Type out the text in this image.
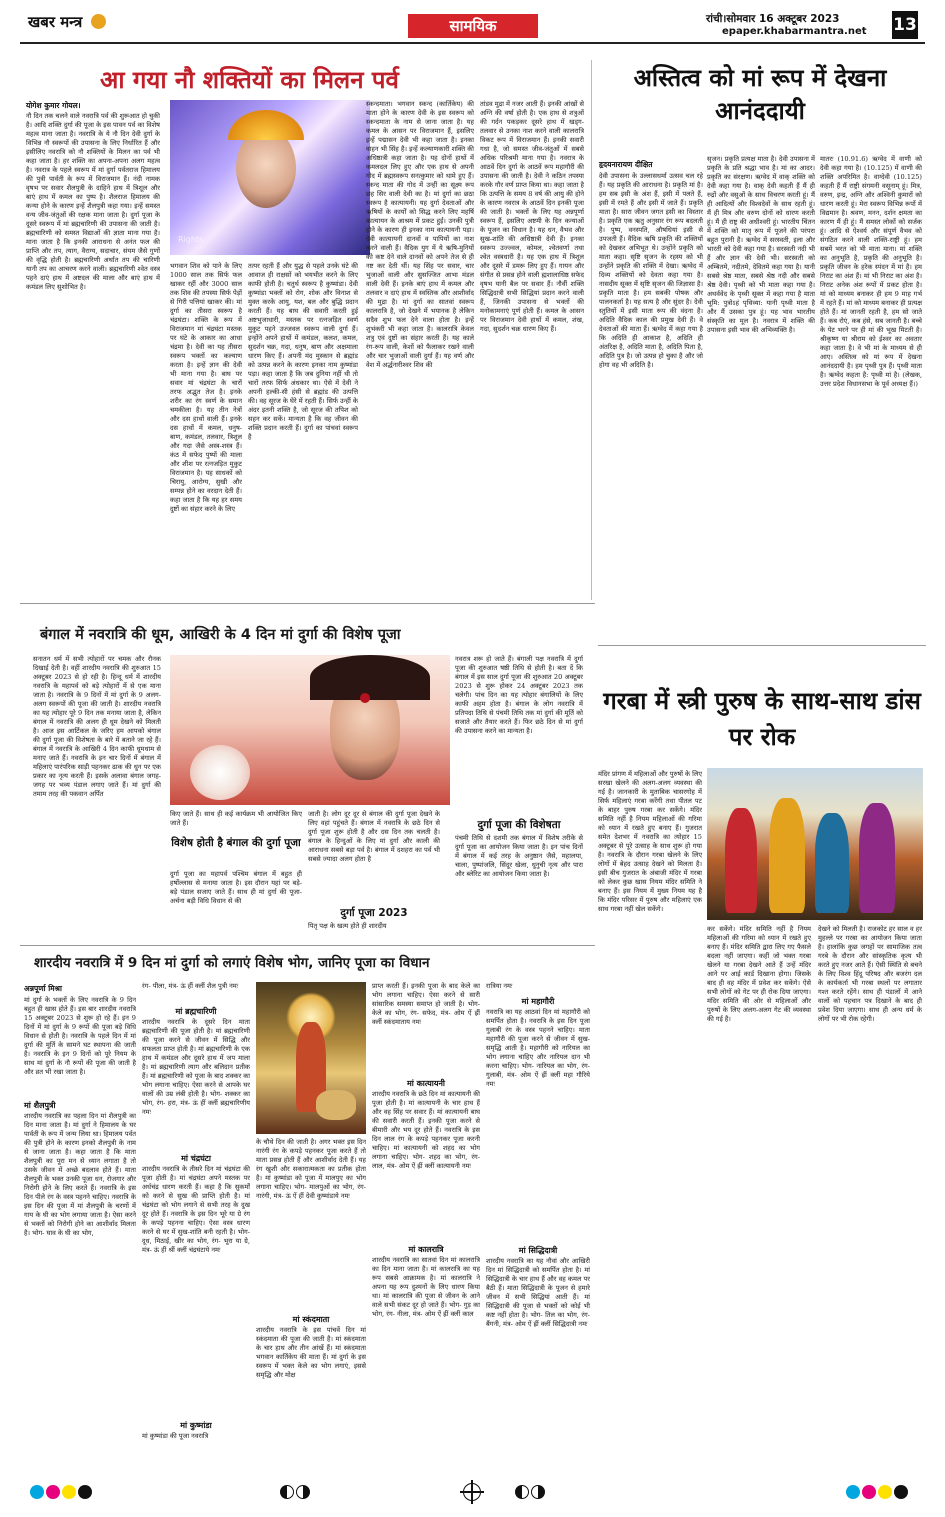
खबर मन्त्र	सामयिक	रांची।सोमवार 16 अक्टूबर 2023
epaper.khabarmantra.net 13
आ गया नौ शक्तियों का मिलन पर्व
योगेश कुमार गोयल।
Rights
नौ दिन तक चलने वाले नवरात्रि पर्व की शुरूआत हो चुकी है। आदि शक्ति दुर्गा की पूजा के इस पावन पर्व का विशेष महत्व माना जाता है। नवरात्रि के ये नौ दिन देवी दुर्गा के विभिन्न नौ स्वरूपों की उपासना के लिए निर्धारित हैं और इसीलिए नवरात्रि को नौ शक्तियों के मिलन का पर्व भी कहा जाता है। हर शक्ति का अपना-अपना अलग महत्व है। नवरात्र के पहले स्वरूप में मां दुर्गा पर्वतराज हिमालय की पुत्री पार्वती के रूप में विराजमान हैं। नंदी नामक वृषभ पर सवार शैलपुत्री के दाहिने हाथ में त्रिशूल और बाएं हाथ में कमल का पुष्प है। शैलराज हिमालय की कन्या होने के कारण इन्हें शैलपुत्री कहा गया। इन्हें समस्त वन्य जीव-जंतुओं की रक्षक माना जाता है। दुर्गा पूजा के दूसरे स्वरूप में मां ब्रह्मचारिणी की उपासना की जाती है। ब्रह्मचारिणी को समस्त विद्याओं की ज्ञाता माना गया है। माना जाता है कि इनकी आराधना से अनंत फल की प्राप्ति और तप, त्याग, वैराग्य, सदाचार, संयम जैसे गुणों की वृद्धि होती है। ब्रह्मचारिणी अर्थात तप की चारिणी यानी तप का आचरण करने वाली। ब्रह्मचारिणी श्वेत वस्त्र पहने दाएं हाथ में अष्टदल की माला और बाएं हाथ में कमंडल लिए सुशोभित है।
भगवान शिव को पाने के लिए 1000 साल तक सिर्फ फल खाकर रहीं और 3000 साल तक शिव की तपस्या सिर्फ पेड़ों से गिरी पत्तियां खाकर की। मां दुर्गा का तीसरा स्वरूप है चंद्रघंटा। शक्ति के रूप में विराजमान मां चंद्रघंटा मस्तक पर घंटे के आकार का आधा चंद्रमा है। देवी का यह तीसरा स्वरूप भक्तों का कल्याण करता है। इन्हें ज्ञान की देवी भी माना गया है। बाघ पर सवार मां चंद्रघंटा के चारों तरफ अद्भुत तेज है। इनके शरीर का रंग स्वर्ण के समान चमकीला है। यह तीन नेत्रों और दस हाथों वाली हैं। इनके दस हाथों में कमल, धनुष-बाण, कमंडल, तलवार, त्रिशूल और गदा जैसे अस्त्र-शस्त्र हैं। कंठ में सफेद पुष्पों की माला और शीश पर रत्नजड़ित मुकुट विराजमान है। यह साधकों को चिरायु, आरोग्य, सुखी और सम्पन्न होने का वरदान देती हैं। कहा जाता है कि यह हर समय दुष्टों का संहार करने के लिए
तत्पर रहती हैं और युद्ध से पहले उनके घंटे की आवाज ही राक्षसों को भयभीत करने के लिए काफी होती है। चतुर्थ स्वरूप है कुष्मांडा। देवी कुष्मांडा भक्तों को रोग, शोक और विनाश से मुक्त करके आयु, यश, बल और बुद्धि प्रदान करती हैं। यह बाघ की सवारी करती हुई अष्टभुजाधारी, मस्तक पर रत्नजड़ित स्वर्ण मुकुट पहने उज्जवल स्वरूप वाली दुर्गा हैं। इन्होंने अपने हाथों में कमंडल, कलश, कमल, सुदर्शन चक्र, गदा, धनुष, बाण और अक्षमाला धारण किए हैं। अपनी मंद मुस्कान से ब्रह्मांड को उत्पन्न करने के कारण इनका नाम कुष्मांडा पड़ा। कहा जाता है कि जब दुनिया नहीं थी तो चारों तरफ सिर्फ अंधकार था। ऐसे में देवी ने अपनी हल्की-सी हंसी से ब्रह्मांड की उत्पत्ति की। वह सूरज के घेरे में रहती हैं। सिर्फ उन्हीं के अंदर इतनी शक्ति है, जो सूरज की तपिश को सहन कर सकें। मान्यता है कि वह जीवन की शक्ति प्रदान करती हैं। दुर्गा का पांचवां स्वरूप है
स्कन्दमाता। भगवान स्कन्द (कार्तिकेय) की माता होने के कारण देवी के इस स्वरूप को स्कन्दमाता के नाम से जाना जाता है। यह कमल के आसन पर विराजमान हैं, इसलिए इन्हें पद्मासन देवी भी कहा जाता है। इनका वाहन भी सिंह है। इन्हें कल्याणकारी शक्ति की अधिष्ठात्री कहा जाता है। यह दोनों हाथों में कमलदल लिए हुए और एक हाथ से अपनी गोद में ब्रह्मस्वरूप सनत्कुमार को थामे हुए हैं। स्कन्द माता की गोद में उन्हीं का सूक्ष्म रूप छह सिर वाली देवी का है। मां दुर्गा का छठा स्वरूप है कात्यायनी। यह दुर्गा देवताओं और ऋषियों के कार्यों को सिद्ध करने लिए महर्षि कात्यायन के आश्रम में प्रकट हुईं। उनकी पुत्री होने के कारण ही इनका नाम कात्यायनी पड़ा। देवी कात्यायनी दानवों व पापियों का नाश करने वाली हैं। वैदिक युग में ये ऋषि-मुनियों को कष्ट देने वाले दानवों को अपने तेज से ही नष्ट कर देती थीं। यह सिंह पर सवार, चार भुजाओं वाली और सुसज्जित आभा मंडल वाली देवी हैं। इनके बाएं हाथ में कमल और तलवार व दाएं हाथ में स्वस्तिक और आशीर्वाद की मुद्रा है। मां दुर्गा का सातवां स्वरूप कालरात्रि है, जो देखने में भयानक है लेकिन सदैव शुभ फल देने वाला होता है। इन्हें शुभंकरी भी कहा जाता है। कालरात्रि केवल शत्रु एवं दुष्टों का संहार करती हैं। यह काले रंग-रूप वाली, केशों को फैलाकर रखने वाली और चार भुजाओं वाली दुर्गा हैं। यह वर्ण और वेश में अर्द्धनारीश्वर शिव की
तांडव मुद्रा में नजर आती हैं। इनकी आंखों से अग्नि की वर्षा होती है। एक हाथ से शत्रुओं की गर्दन पकड़कर दूसरे हाथ में खड्ग-तलवार से उनका नाश करने वाली कालरात्रि विकट रूप में विराजमान हैं। इनकी सवारी गधा है, जो समस्त जीव-जंतुओं में सबसे अधिक परिश्रमी माना गया है। नवरात्र के आठवें दिन दुर्गा के आठवें रूप महागौरी की उपासना की जाती है। देवी ने कठिन तपस्या करके गौर वर्ण प्राप्त किया था। कहा जाता है कि उत्पत्ति के समय 8 वर्ष की आयु की होने के कारण नवरात्र के आठवें दिन इनकी पूजा की जाती है। भक्तों के लिए यह अन्नपूर्णा स्वरूप हैं, इसलिए अष्टमी के दिन कन्याओं के पूजन का विधान है। यह धन, वैभव और सुख-शांति की अधिष्ठात्री देवी हैं। इनका स्वरूप उज्ज्वल, कोमल, श्वेतवर्णा तथा श्वेत वस्त्रधारी है। यह एक हाथ में त्रिशूल और दूसरे में डमरू लिए हुए हैं। गायन और संगीत से प्रसन्न होने वाली ह्मशालाधिष्ठ सफेद वृषभ यानी बैल पर सवार हैं। नौवीं शक्ति सिद्धिदात्री सभी सिद्धियां प्रदान करने वाली हैं, जिनकी उपासना से भक्तों की मनोकामनाएं पूर्ण होती हैं। कमल के आसन पर विराजमान देवी हाथों में कमल, शंख, गदा, सुदर्शन चक्र धारण किए हैं।
अस्तित्व को मां रूप में देखना आनंददायी
हृदयनारायण दीक्षित
देवी उपासना के उल्लासधर्मा उत्सव चल रहे हैं। यह प्रकृति की आराधना है। प्रकृति मां है। हम सब इसी के अंश हैं, इसी में पलते हैं, इसी में रमते हैं और इसी में जाते हैं। प्रकृति माता है। सारा जीवन जगत इसी का विस्तार है। प्रकृति एक ऋतु अनुसार रंग रूप बदलती है। पुष्प, वनस्पति, औषधियां इसी से उपजती हैं। वैदिक ऋषि प्रकृति की शक्तियों को देखकर अभिभूत थे। उन्होंने प्रकृति को माता कहा। सृष्टि सृजन के रहस्य को भी उन्होंने प्रकृति की शक्ति में देखा। ऋग्वेद में दिव्य शक्तियों को देवता कहा गया है। नासदीय सूक्त में सृष्टि सृजन की जिज्ञासा है। प्रकृति माता है। हम सबकी पोषक और पालनकर्ता है। यह सत्य है और सुंदर है। देवी स्तुतियों में इसी माता रूप की वंदना है। अदिति वैदिक काल की प्रमुख देवी हैं। वे देवताओं की माता हैं। ऋग्वेद में कहा गया है कि अदिति ही आकाश है, अदिति ही अंतरिक्ष है, अदिति माता है, अदिति पिता है, अदिति पुत्र है। जो उत्पन्न हो चुका है और जो होगा वह भी अदिति है।
सृजन। प्रकृति प्रत्यक्ष माता है। देवी उपासना में प्रकृति के प्रति श्रद्धा भाव है। मां का आदर। प्रकृति का संरक्षण। ऋग्वेद में वाक् शक्ति को देवी कहा गया है। वाक् देवी कहती हैं मैं ही रुद्रों और वसुओं के साथ विचरण करती हूं। मैं ही आदित्यों और विश्वदेवों के साथ रहती हूं। मैं ही मित्र और वरुण दोनों को धारण करती हूं। मैं ही राष्ट्र की अधीश्वरी हूं। भारतीय चिंतन में शक्ति को मातृ रूप में पूजने की परंपरा बहुत पुरानी है। ऋग्वेद में सरस्वती, इला और भारती को देवी कहा गया है। सरस्वती नदी भी हैं और ज्ञान की देवी भी। सरस्वती को अम्बितमे, नदीतमे, देवितमे कहा गया है। यानी सबसे श्रेष्ठ माता, सबसे श्रेष्ठ नदी और सबसे श्रेष्ठ देवी। पृथ्वी को भी माता कहा गया है। अथर्ववेद के पृथ्वी सूक्त में कहा गया है माता भूमि: पुत्रोऽहं पृथिव्या: यानी पृथ्वी माता है और मैं उसका पुत्र हूं। यह भाव भारतीय संस्कृति का मूल है। नवरात्र में शक्ति की उपासना इसी भाव की अभिव्यक्ति है।
मातरः (10.91.6) ऋग्वेद में वाणी को देवी कहा गया है। (10.125) में वाणी की शक्ति अपरिमित है। वाग्देवी (10.125) कहती हैं मैं राष्ट्री संगमनी वसूनाम् हूं। मित्र, वरुण, इन्द्र, अग्नि और अश्विनी कुमारों को धारण करती हूं। मेरा स्वरूप विभिन्न रूपों में विद्यमान है। श्रवण, मनन, दर्शन क्षमता का कारण मैं ही हूं। मैं समस्त लोकों को सर्जक हूं। आदि से ऐश्वर्य और संपूर्ण वैभव को संगठित करने वाली शक्ति-राष्ट्री हूं। हम सबमें भरत को भी माता माना। मां शक्ति का अनुभूति है, प्रकृति की अनुभूति है। प्रकृति जीवन के हरेक स्पंदन में मां है। हम निराट का अंश हैं। मां भी निराट का अंश है। निराट अनेक अंश रूपों में प्रकट होता है। मां को माध्यम बनाकर ही हम 9 माह गर्भ में रहते हैं। मां को माध्यम बनाकर ही प्रत्यक्ष होते हैं। मां जानती रहती है, हम सो जाते हैं। कब रोएं, कब हंसे, सब जानती है। बच्चे के पेट भरने पर ही मां की भूख मिटती है। श्रीकृष्ण या श्रीराम को ईश्वर का अवतार कहा जाता है। वे भी मां के माध्यम से ही आए। अस्तित्व को मां रूप में देखना आनंददायी है। हम पृथ्वी पुत्र हैं। पृथ्वी माता है। ऋग्वेद कहता है: पृथ्वी मां है। (लेखक, उत्तर प्रदेश विधानसभा के पूर्व अध्यक्ष हैं।)
बंगाल में नवरात्रि की धूम, आखिरी के 4 दिन मां दुर्गा की विशेष पूजा
सनातन धर्म में सभी त्योहारों पर चमक और रौनक दिखाई देती है। वहीं शारदीय नवरात्रि की शुरुआत 15 अक्टूबर 2023 से हो रही है। हिन्दू धर्म में शारदीय नवरात्रि के महापर्व को बड़े त्योहारों में से एक माना जाता है। नवरात्रि के 9 दिनों में मां दुर्गा के 9 अलग-अलग स्वरूपों की पूजा की जाती है। शारदीय नवरात्रि का यह त्योहार पूरे 9 दिन तक मनाया जाता है, लेकिन बंगाल में नवरात्रि की अलग ही धूम देखने को मिलती है। आज इस आर्टिकल के जरिए हम आपको बंगाल की दुर्गा पूजा की विशेषता के बारे में बताने जा रहे हैं। बंगाल में नवरात्रि के आखिरी 4 दिन काफी धूमधाम से मनाए जाते हैं। नवरात्रि के इन चार दिनों में बंगाल में महिलाएं पारंपरिक साड़ी पहनकर ढाक की धुन पर एक प्रकार का नृत्य करती हैं। इसके अलावा बंगाल जगह-जगह पर भव्य पंडाल लगाए जाते हैं। मां दुर्गा की तमाम तरह की पकवान अर्पित
किए जाते हैं। साथ ही कई कार्यक्रम भी आयोजित किए जाते हैं।
विशेष होती है बंगाल की दुर्गा पूजा
दुर्गा पूजा का महापर्व पश्चिम बंगाल में बहुत ही हर्षोल्लास से मनाया जाता है। इस दौरान यहां पर बड़े-बड़े पंडाल सजाए जाते हैं। साथ ही मां दुर्गा की पूजा-अर्चना बड़ी विधि विधान से की
जाती है। लोग दूर दूर से बंगाल की दुर्गा पूजा देखने के लिए वहां पहुंचते हैं। बंगाल में नवरात्रि के छठे दिन से दुर्गा पूजा शुरू होती है और दस दिन तक चलती है। बंगाल के हिन्दुओं के लिए मां दुर्गा और काली की आराधना सबसे बड़ा पर्व है। बंगाल में दशहरा का पर्व भी सबसे ज्यादा अलग होता है
दुर्गा पूजा 2023
पितृ पक्ष के खत्म होते ही शारदीय
नवरात्र शरू हो जाते हैं। बंगाली पक्ष नवरात्रि में दुर्गा पूजा की शुरुआत षष्ठी तिथि से होती है। बता दें कि बंगाल में इस साल दुर्गा पूजा की शुरुआत 20 अक्टूबर 2023 से शुरू होकर 24 अक्टूबर 2023 तक चलेगी। पांच दिन का यह त्योहार बंगालियों के लिए काफी अहम होता है। बंगाल के लोग नवरात्रि में प्रतिपदा तिथि से पंचमी तिथि तक मां दुर्गा की मूर्ति को सजाते और तैयार करते हैं। फिर छठे दिन से मां दुर्गा की उपासना करने का मान्यता है।
दुर्गा पूजा की विशेषता
पंचमी तिथि से दशमी तक बंगाल में विशेष तरीके से दुर्गा पूजा का आयोजन किया जाता है। इन पांच दिनों में बंगाल में कई तरह के अनुष्ठान जैसे, महालया, चाला, पुष्पांजलि, सिंदूर खेला, धुनुची नृत्य और पारा और ब्लेरिट का आयोजन किया जाता है।
शारदीय नवरात्रि में 9 दिन मां दुर्गा को लगाएं विशेष भोग, जानिए पूजा का विधान
अन्नपूर्णा मिश्रा
मां दुर्गा के भक्तों के लिए नवरात्रि के 9 दिन बहुत ही खास होते हैं। इस बार शारदीय नवरात्रि 15 अक्टूबर 2023 से शुरू हो रहे हैं। इन 9 दिनों में मां दुर्गा के 9 रूपों की पूजा बड़े विधि विधान से होती है। नवरात्रि के पहले दिन में मां दुर्गा की मूर्ति के सामने घट स्थापना की जाती है। नवरात्रि के इन 9 दिनों को पूरे नियम के साथ मां दुर्गा के नौ रूपों की पूजा की जाती है और व्रत भी रखा जाता है।
मां शैलपुत्री
शारदीय नवरात्रि का पहला दिन मां शैलपुत्री का दिन माना जाता है। मां दुर्गा ने हिमालय के घर पार्वती के रूप में जन्म लिया था। हिमालय पर्वत की पुत्री होने के कारण इनको शैलपुत्री के नाम से जाना जाता है। कहा जाता है कि माता शैलपुत्री का पूरा मन से ध्यान लगाता है तो उसके जीवन में अच्छे बदलाव होते हैं। माता शैलपुत्री के भक्त उनकी पूजा धन, रोजगार और निरोगी होने के लिए करते हैं। नवरात्रि के इस दिन पीले रंग के वस्त्र पहनने चाहिए। नवरात्रि के इस दिन की पूजा में मां शैलपुत्री के चरणों में गाय के घी का भोग लगाया जाता है। ऐसा करने से भक्तों को निरोगी होने का आशीर्वाद मिलता है। भोग- घाव के घी का भोग,
रंग- पीला, मंत्र- ऊं हीं क्लीं शैल पुत्री नमः
मां ब्रह्मचारिणी
शारदीय नवरात्रि के दूसरे दिन माता ब्रह्मचारिणी की पूजा होती है। मां ब्रह्मचारिणी की पूजा करने से जीवन में सिद्धि और सफलता प्राप्त होती है। मां ब्रह्मचारिणी के एक हाथ में कमंडल और दूसरे हाथ में जप माला है। मां ब्रह्मचारिणी त्याग और बलिदान प्रतीक हैं। मां ब्रह्मचारिणी को पूजा के बाद शक्कर का भोग लगाना चाहिए। ऐसा करने से आपके घर वालों की उम्र लंबी होती है। भोग- शक्कर का भोग, रंग- हरा, मंत्र- ऊं हीं क्लीं ब्रह्मचारिणीय नमः
मां चंद्रघंटा
शारदीय नवरात्रि के तीसरे दिन मां चंद्रघंटा की पूजा होती है। मां चंद्रघंटा अपने मस्तक पर अर्धचंद्र धारण करती हैं। कहा है कि सुकर्मों को करने से सुख की प्राप्ति होती है। मां चंद्रघंटा को भोग लगाने से सभी तरह के दुख दूर होते हैं। नवरात्रि के इस दिन भूरे या ग्रे रंग के कपड़े पहनना चाहिए। ऐसा वस्त्र धारण करने से घर में सुख-शांति बनी रहती है। भोग- दूध, मिठाई, खीर का भोग, रंग- भूरा या ग्रे, मंत्र- ऊं हीं श्रीं क्लीं चंद्रघंटाये नमः
मां कुष्मांडा
मां कुष्मांडा की पूजा नवरात्रि
के चौथे दिन की जाती है। अगर भक्त इस दिन नारंगी रंग के कपड़े पहनकर पूजा करते हैं तो माता प्रसन्न होती हैं और आशीर्वाद देती हैं। यह रंग खुशी और सकारात्मकता का प्रतीक होता है। मां कुष्मांडा को पूजा में मालपुए का भोग लगाना चाहिए। भोग- मालपुओं का भोग, रंग- नारंगी, मंत्र- ऊं ऐं हीं देवी कुष्मांडाये नमः
मां स्कंदमाता
शारदीय नवरात्रि के इस पांचवें दिन मां स्कंदमाता की पूजा की जाती है। मां स्कंदमाता के चार हाथ और तीन आंखें हैं। मां स्कंदमाता भगवान कार्तिकेय की माता हैं। मां दुर्गा के इस स्वरूप में भक्त केले का भोग लगाएं, इससे समृद्धि और मोक्ष
प्राप्त करती हैं। इनकी पूजा के बाद केले का भोग लगाना चाहिए। ऐसा करने से सारी सांसारिक समस्या समाप्त हो जाती है। भोग- केले का भोग, रंग- सफेद, मंत्र- ओम ऐं ह्रीं क्लीं स्कंदमाताय नमः
मां कात्यायनी
शारदीय नवरात्रि के छठे दिन मां कात्यायनी की पूजा होती है। मां कात्यायनी के चार हाथ हैं और वह सिंह पर सवार हैं। मां कात्यायनी बाघ की सवारी करती हैं। इनकी पूजा करने से बीमारी और भय दूर होते हैं। नवरात्रि के इस दिन लाल रंग के कपड़े पहनकर पूजा करनी चाहिए। मां कात्यायनी को शहद का भोग लगाना चाहिए। भोग- शहद का भोग, रंग- लाल, मंत्र- ओम ऐं ह्रीं क्लीं कात्यायनी नमः
मां कालरात्रि
शारदीय नवरात्रि का सातवां दिन मां कालरात्रि का दिन माना जाता है। मां कालरात्रि का यह रूप सबसे आक्रामक है। मां कालरात्रि ने अपना यह रूप दुश्मनों के लिए धारण किया था। मां कालरात्रि की पूजा से जीवन के आने वाले सभी संकट दूर हो जाते हैं। भोग- गुड़ का भोग, रंग- नीला, मंत्र- ओम ऐं ह्रीं क्लीं काल
रात्रिया नमः
मां महागौरी
नवरात्रि का यह आठवां दिन मां महागौरी को समर्पित होता है। नवरात्रि के इस दिन पूजा गुलाबी रंग के वस्त्र पहनने चाहिए। माता महागौरी की पूजा करने से जीवन में सुख-समृद्धि आती है। महागौरी को नारियल का भोग लगाना चाहिए और नारियल दान भी करना चाहिए। भोग- नारियल का भोग, रंग- गुलाबी, मंत्र- ओम ऐं ह्रीं क्लीं महा गौरिये नमः
मां सिद्धिदात्री
शारदीय नवरात्रि का यह नौवां और आखिरी दिन मां सिद्धिदात्री को समर्पित होता है। मां सिद्धिदात्री के चार हाथ हैं और वह कमल पर बैठी हैं। माता सिद्धिदात्री के पूजन से हमारे जीवन में सभी सिद्धियां आती हैं। मां सिद्धिदात्री की पूजा से भक्तों को कोई भी कष्ट नहीं होता है। भोग- तिल का भोग, रंग- बैंगनी, मंत्र- ओम ऐं ह्रीं क्लीं सिद्धिदात्री नमः
गरबा में स्त्री पुरुष के साथ-साथ डांस पर रोक
मंदिर प्रांगण में महिलाओं और पुरुषों के लिए सरखा खेलने की अलग-अलग व्यवस्था की गई है। जानकारी के मुताबिक चासरगोह में सिर्फ महिलाएं गरबा करेंगी तथा पीतल पट के बाहर पुरुष गरबा कर सकेंगे। मंदिर समिति नहीं है नियम महिलाओं की गरिमा को ध्यान में रखते हुए बनाए हैं। गुजरात समेत देशभर में नवरात्रि का त्योहार 15 अक्टूबर से पूरे उत्साह के साथ शुरू हो गया है। नवरात्रि के दौरान गरबा खेलने के लिए लोगों में बेहद उत्साह देखने को मिलता है। इसी बीच गुजरात के अंबाजी मंदिर में गरबा को लेकर कुछ खास नियम मंदिर समिति ने बनाए हैं। इस नियम में मुख्य नियम यह है कि मंदिर परिसर में पुरुष और महिलाएं एक साथ गरबा नहीं खेल सकेंगे।
कर सकेंगे। मंदिर समिति नहीं है नियम महिलाओं की गरिमा को ध्यान में रखते हुए बनाए हैं। मंदिर समिति द्वारा लिए गए फैसले बदला नहीं जाएगा। कहीं जो भक्त गरबा खेलने या गरबा देखने आते हैं उन्हें मंदिर आने पर आई कार्ड दिखाना होगा। जिसके बाद ही वह मंदिर में प्रवेश कर सकेंगे। ऐसे सभी लोगों को गेट पर ही रोक दिया जाएगा। मंदिर समिति की ओर से महिलाओं और पुरुषों के लिए अलग-अलग गेट की व्यवस्था की गई है।
देखने को मिलती है। राजकोट हर साल व हर मुहल्ले पर गरबा का आयोजन किया जाता है। हालांकि कुछ जगहों पर सामाजिक तत्व गरबे के दौरान और सांस्कृतिक कृत्य भी करते हुए नजर आते हैं। ऐसी स्थिति से बचने के लिए विश्व हिंदू परिषद और बजरंग दल के कार्यकर्ता भी गरबा स्थलों पर लगातार गश्त करते रहेंगे। साथ ही पंडालों में आने वालों को पहचान पत्र दिखाने के बाद ही प्रवेश दिया जाएगा। साथ ही अन्य धर्म के लोगों पर भी रोक रहेगी।
